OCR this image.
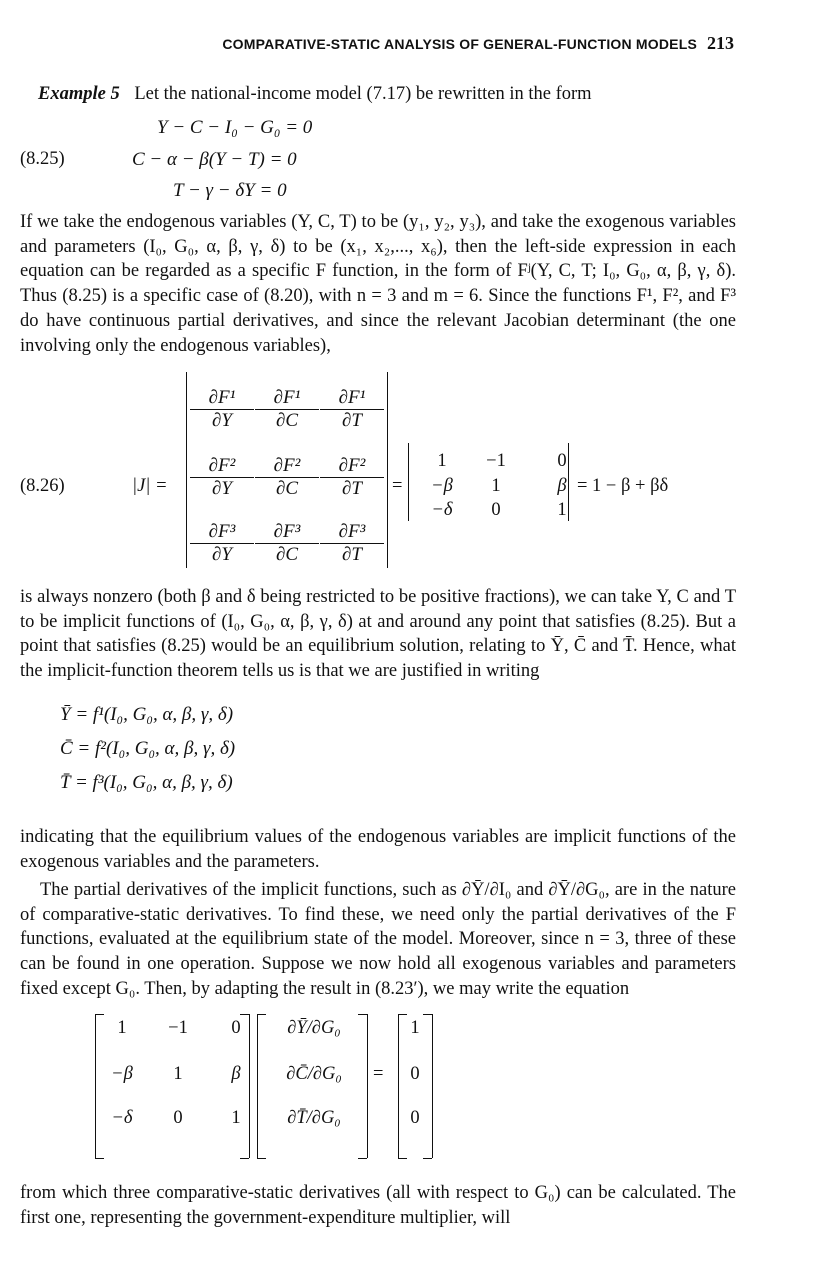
COMPARATIVE-STATIC ANALYSIS OF GENERAL-FUNCTION MODELS 213
Example 5 Let the national-income model (7.17) be rewritten in the form
(8.25)
Y − C − I₀ − G₀ = 0
C − α − β(Y − T) = 0
T − γ − δY = 0
If we take the endogenous variables (Y, C, T) to be (y₁, y₂, y₃), and take the exogenous variables and parameters (I₀, G₀, α, β, γ, δ) to be (x₁, x₂,..., x₆), then the left-side expression in each equation can be regarded as a specific F function, in the form of Fʲ(Y, C, T; I₀, G₀, α, β, γ, δ). Thus (8.25) is a specific case of (8.20), with n = 3 and m = 6. Since the functions F¹, F², and F³ do have continuous partial derivatives, and since the relevant Jacobian determinant (the one involving only the endogenous variables),
(8.26)	|J| =
$\frac{\text{∂F¹}}{\partial Y} \frac{\text{∂F¹}}{\partial C} \frac{\text{∂F¹}}{\partial T}$
$\frac{\text{∂F²}}{\partial Y} \frac{\text{∂F²}}{\partial C} \frac{\text{∂F²}}{\partial T}$
$\frac{\text{∂F³}}{\partial Y} \frac{\text{∂F³}}{\partial C} \frac{\text{∂F³}}{\partial T}$
=
1	−1	0
−β	1	β
−δ	0	1
= 1 − β + βδ
is always nonzero (both β and δ being restricted to be positive fractions), we can take Y, C and T to be implicit functions of (I₀, G₀, α, β, γ, δ) at and around any point that satisfies (8.25). But a point that satisfies (8.25) would be an equilibrium solution, relating to Ȳ, C̄ and T̄. Hence, what the implicit-function theorem tells us is that we are justified in writing
Ȳ = f¹(I₀, G₀, α, β, γ, δ)
C̄ = f²(I₀, G₀, α, β, γ, δ)
T̄ = f³(I₀, G₀, α, β, γ, δ)
indicating that the equilibrium values of the endogenous variables are implicit functions of the exogenous variables and the parameters.
The partial derivatives of the implicit functions, such as ∂Ȳ/∂I₀ and ∂Ȳ/∂G₀, are in the nature of comparative-static derivatives. To find these, we need only the partial derivatives of the F functions, evaluated at the equilibrium state of the model. Moreover, since n = 3, three of these can be found in one operation. Suppose we now hold all exogenous variables and parameters fixed except G₀. Then, by adapting the result in (8.23′), we may write the equation
1	−1	0
−β	1	β
−δ	0	1
∂Ȳ/∂G₀
∂C̄/∂G₀
∂T̄/∂G₀
=
1
0
0
from which three comparative-static derivatives (all with respect to G₀) can be calculated. The first one, representing the government-expenditure multiplier, will
